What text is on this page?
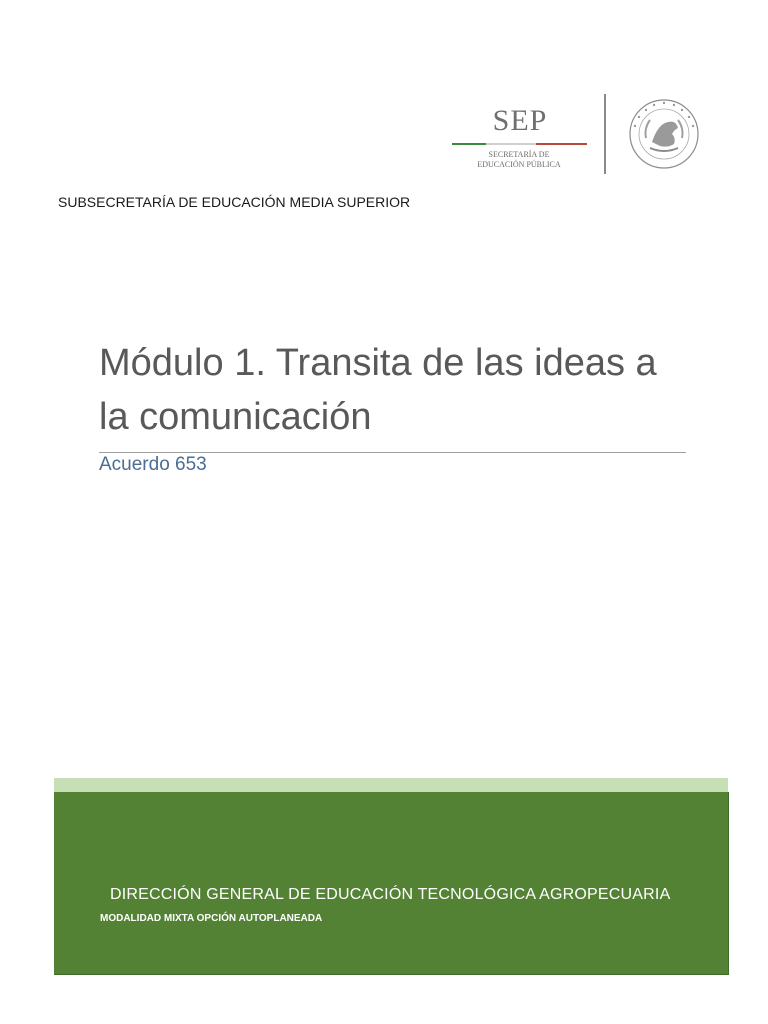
SEP
SECRETARÍA DE
EDUCACIÓN PÚBLICA
SUBSECRETARÍA DE EDUCACIÓN MEDIA SUPERIOR
Módulo 1. Transita de las ideas a
la comunicación

Acuerdo 653

DIRECCIÓN GENERAL DE EDUCACIÓN TECNOLÓGICA AGROPECUARIA

MODALIDAD MIXTA OPCIÓN AUTOPLANEADA
